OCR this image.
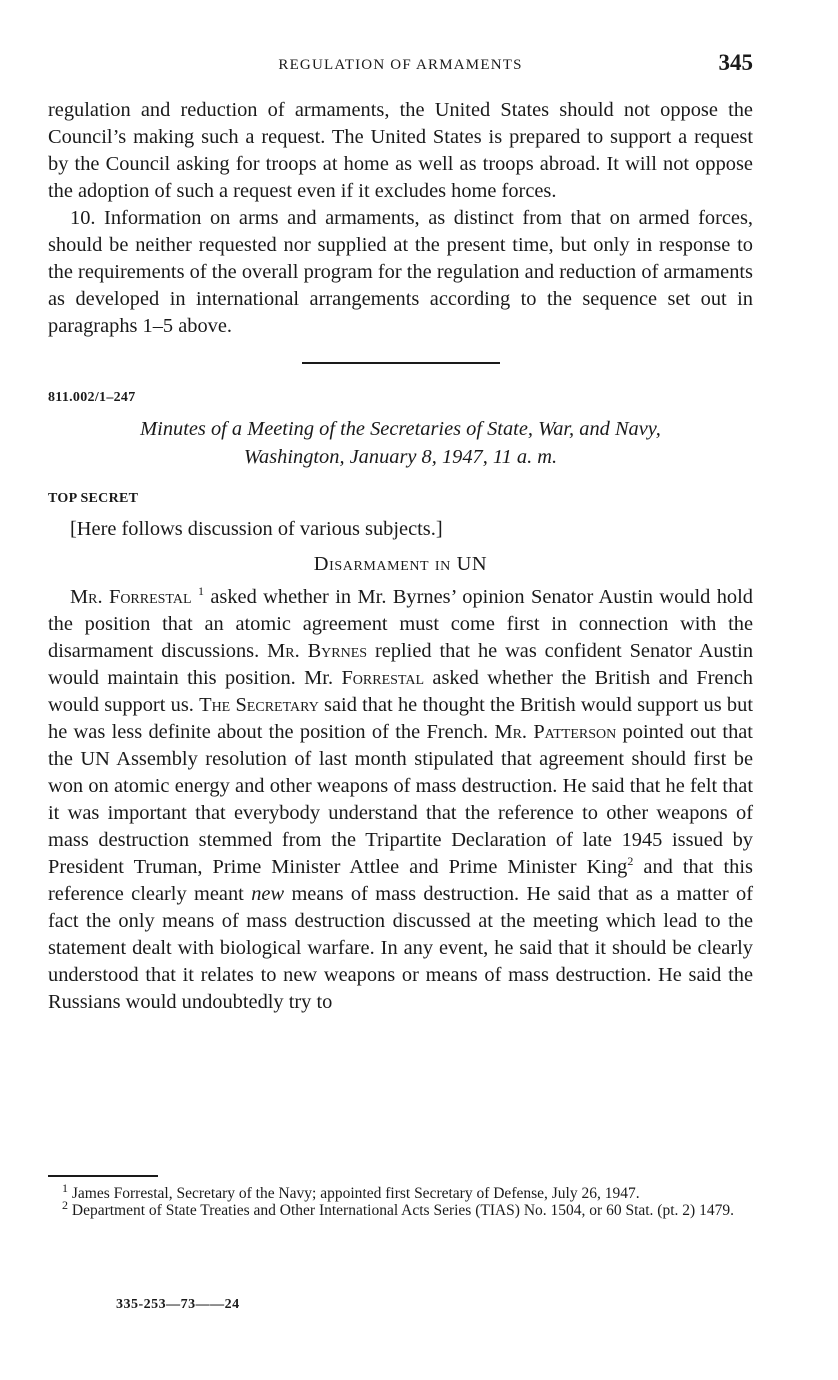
REGULATION OF ARMAMENTS	345

regulation and reduction of armaments, the United States should not oppose the Council’s making such a request. The United States is prepared to support a request by the Council asking for troops at home as well as troops abroad. It will not oppose the adoption of such a request even if it excludes home forces.

10. Information on arms and armaments, as distinct from that on armed forces, should be neither requested nor supplied at the present time, but only in response to the requirements of the overall program for the regulation and reduction of armaments as developed in international arrangements according to the sequence set out in paragraphs 1–5 above.

811.002/1–247
Minutes of a Meeting of the Secretaries of State, War, and Navy,
Washington, January 8, 1947, 11 a. m.
TOP SECRET

[Here follows discussion of various subjects.]

Disarmament in UN

Mr. Forrestal $^1$ asked whether in Mr. Byrnes’ opinion Senator Austin would hold the position that an atomic agreement must come first in connection with the disarmament discussions. Mr. Byrnes replied that he was confident Senator Austin would maintain this position. Mr. Forrestal asked whether the British and French would support us. The Secretary said that he thought the British would support us but he was less definite about the position of the French. Mr. Patterson pointed out that the UN Assembly resolution of last month stipulated that agreement should first be won on atomic energy and other weapons of mass destruction. He said that he felt that it was important that everybody understand that the reference to other weapons of mass destruction stemmed from the Tripartite Declaration of late 1945 issued by President Truman, Prime Minister Attlee and Prime Minister King$^2$ and that this reference clearly meant new means of mass destruction. He said that as a matter of fact the only means of mass destruction discussed at the meeting which lead to the statement dealt with biological warfare. In any event, he said that it should be clearly understood that it relates to new weapons or means of mass destruction. He said the Russians would undoubtedly try to

$^1$ James Forrestal, Secretary of the Navy; appointed first Secretary of Defense, July 26, 1947.

$^2$ Department of State Treaties and Other International Acts Series (TIAS) No. 1504, or 60 Stat. (pt. 2) 1479.

335-253—73——24
